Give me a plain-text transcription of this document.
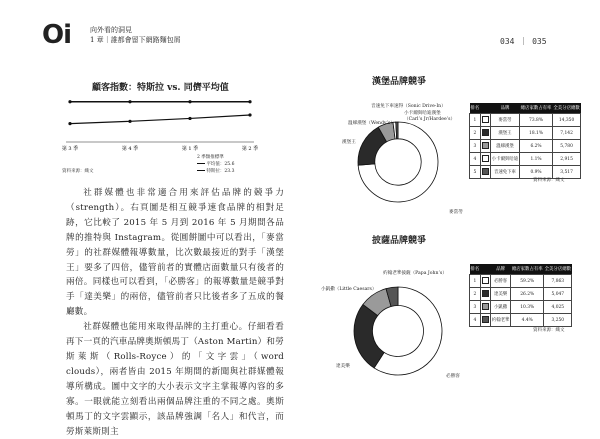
Oi	向外看的洞見
1 章｜誰都會留下網路麵包屑	034 ｜ 035
顧客指數：特斯拉 vs. 同儕平均值
第 3 季	第 4 季	第 1 季	第 2 季
資料來源：織文
2 季類推標準
平均值：25.6
特斯拉：23.3

社群媒體也非常適合用來評估品牌的競爭力（strength）。右頁圖是相互競爭速食品牌的相對足跡，它比較了 2015 年 5 月到 2016 年 5 月期間各品牌的推特與 Instagram。從圓餅圖中可以看出，「麥當勞」的社群媒體報導數量，比次數最接近的對手「漢堡王」要多了四倍，儘管前者的實體店面數量只有後者的兩倍。同樣也可以看到，「必勝客」的報導數量是競爭對手「達美樂」的兩倍，儘管前者只比後者多了五成的餐廳數。

社群媒體也能用來取得品牌的主打重心。仔細看看再下一頁的汽車品牌奧斯頓馬丁（Aston Martin）和勞斯萊斯（Rolls-Royce）的「文字雲」（word clouds），兩者皆由 2015 年期間的新聞與社群媒體報導所構成。圖中文字的大小表示文字主掌報導內容的多寡。一眼就能立刻看出兩個品牌注重的不同之處。奧斯頓馬丁的文字雲顯示，該品牌強調「名人」和代言，而勞斯萊斯則主

漢堡品牌競爭
音速免下車速得（Sonic Drive-In）
小卡爾與哈迪漢堡（Carl’s Jr/Hardee’s）
溫娣漢堡（Wendy’s）
漢堡王
麥當勞
排名		品牌	總店家數占有率	全美分店總數
1		麥當勞	73.8%	14,350
2		漢堡王	18.1%	7,142
3		溫娣漢堡	6.2%	5,780
4		小卡爾與哈迪	1.1%	2,915
5		音速免下車	0.9%	3,517
資料來源：織文
披薩品牌競爭
約翰老爹披薩（Papa John’s）
小凱撒（Little Caesars）
達美樂
必勝客
排名		品牌	總店家數占有率	全美分店總數
1		必勝客	59.2%	7,863
2		達美樂	26.2%	5,047
3		小凱撒	10.3%	4,025
4		約翰老爹	4.4%	3,250
資料來源：織文
